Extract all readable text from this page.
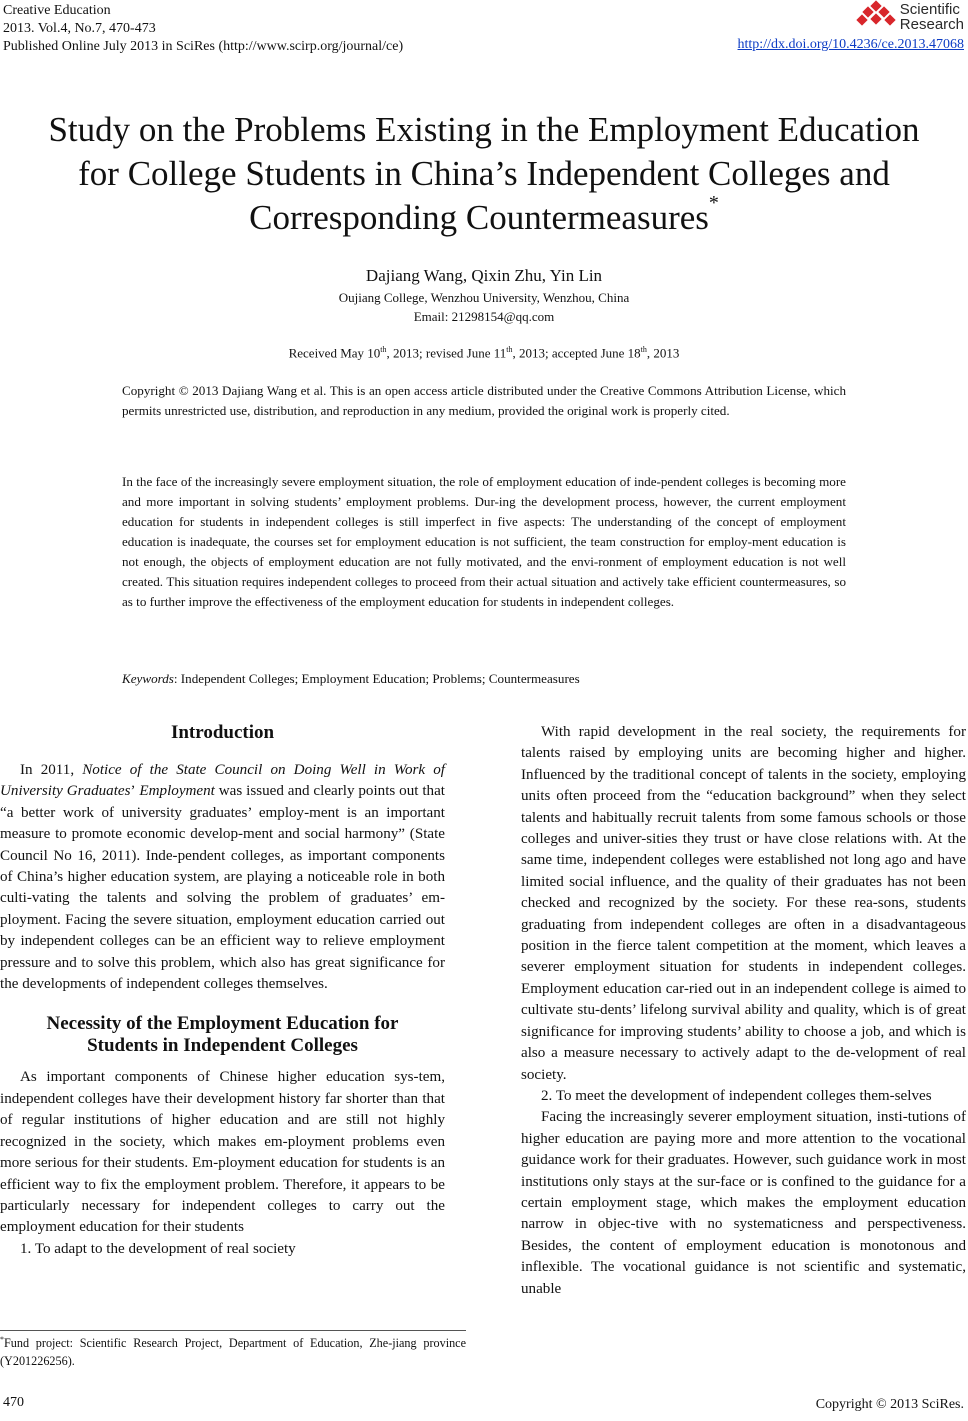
Creative Education
2013. Vol.4, No.7, 470-473
Published Online July 2013 in SciRes (http://www.scirp.org/journal/ce)
Scientific
Research
http://dx.doi.org/10.4236/ce.2013.47068
Study on the Problems Existing in the Employment Education
for College Students in China’s Independent Colleges and
Corresponding Countermeasures*
Dajiang Wang, Qixin Zhu, Yin Lin
Oujiang College, Wenzhou University, Wenzhou, China
Email: 21298154@qq.com
Received May 10th, 2013; revised June 11th, 2013; accepted June 18th, 2013
Copyright © 2013 Dajiang Wang et al. This is an open access article distributed under the Creative Commons Attribution License, which permits unrestricted use, distribution, and reproduction in any medium, provided the original work is properly cited.
In the face of the increasingly severe employment situation, the role of employment education of inde-pendent colleges is becoming more and more important in solving students’ employment problems. Dur-ing the development process, however, the current employment education for students in independent colleges is still imperfect in five aspects: The understanding of the concept of employment education is inadequate, the courses set for employment education is not sufficient, the team construction for employ-ment education is not enough, the objects of employment education are not fully motivated, and the envi-ronment of employment education is not well created. This situation requires independent colleges to proceed from their actual situation and actively take efficient countermeasures, so as to further improve the effectiveness of the employment education for students in independent colleges.
Keywords: Independent Colleges; Employment Education; Problems; Countermeasures
Introduction

In 2011, Notice of the State Council on Doing Well in Work of University Graduates’ Employment was issued and clearly points out that “a better work of university graduates’ employ-ment is an important measure to promote economic develop-ment and social harmony” (State Council No 16, 2011). Inde-pendent colleges, as important components of China’s higher education system, are playing a noticeable role in both culti-vating the talents and solving the problem of graduates’ em-ployment. Facing the severe situation, employment education carried out by independent colleges can be an efficient way to relieve employment pressure and to solve this problem, which also has great significance for the developments of independent colleges themselves.

Necessity of the Employment Education for
Students in Independent Colleges

As important components of Chinese higher education sys-tem, independent colleges have their development history far shorter than that of regular institutions of higher education and are still not highly recognized in the society, which makes em-ployment problems even more serious for their students. Em-ployment education for students is an efficient way to fix the employment problem. Therefore, it appears to be particularly necessary for independent colleges to carry out the employment education for their students

1. To adapt to the development of real society

With rapid development in the real society, the requirements for talents raised by employing units are becoming higher and higher. Influenced by the traditional concept of talents in the society, employing units often proceed from the “education background” when they select talents and habitually recruit talents from some famous schools or those colleges and univer-sities they trust or have close relations with. At the same time, independent colleges were established not long ago and have limited social influence, and the quality of their graduates has not been checked and recognized by the society. For these rea-sons, students graduating from independent colleges are often in a disadvantageous position in the fierce talent competition at the moment, which leaves a severer employment situation for students in independent colleges. Employment education car-ried out in an independent college is aimed to cultivate stu-dents’ lifelong survival ability and quality, which is of great significance for improving students’ ability to choose a job, and which is also a measure necessary to actively adapt to the de-velopment of real society.

2. To meet the development of independent colleges them-selves

Facing the increasingly severer employment situation, insti-tutions of higher education are paying more and more attention to the vocational guidance work for their graduates. However, such guidance work in most institutions only stays at the sur-face or is confined to the guidance for a certain employment stage, which makes the employment education narrow in objec-tive with no systematicness and perspectiveness. Besides, the content of employment education is monotonous and inflexible. The vocational guidance is not scientific and systematic, unable

*Fund project: Scientific Research Project, Department of Education, Zhe-jiang province (Y201226256).
470	Copyright © 2013 SciRes.
